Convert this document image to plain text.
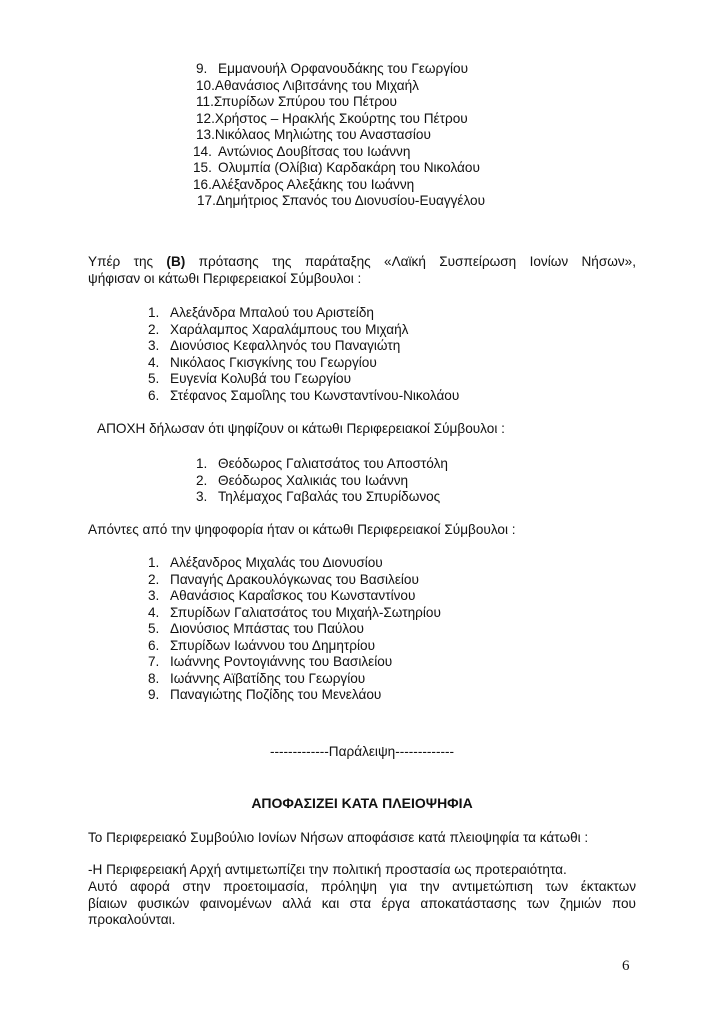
9. Εμμανουήλ Ορφανουδάκης του Γεωργίου
10.Αθανάσιος Λιβιτσάνης του Μιχαήλ
11.Σπυρίδων Σπύρου του Πέτρου
12.Χρήστος – Ηρακλής Σκούρτης του Πέτρου
13.Νικόλαος Μηλιώτης του Αναστασίου
14. Αντώνιος Δουβίτσας του Ιωάννη
15. Ολυμπία (Ολίβια) Καρδακάρη του Νικολάου
16.Αλέξανδρος Αλεξάκης του Ιωάννη
17.Δημήτριος Σπανός του Διονυσίου-Ευαγγέλου
Υπέρ της (Β) πρότασης της παράταξης «Λαϊκή Συσπείρωση Ιονίων Νήσων»,
ψήφισαν οι κάτωθι Περιφερειακοί Σύμβουλοι :
1. Αλεξάνδρα Μπαλού του Αριστείδη
2. Χαράλαμπος Χαραλάμπους του Μιχαήλ
3. Διονύσιος Κεφαλληνός του Παναγιώτη
4. Νικόλαος Γκισγκίνης του Γεωργίου
5. Ευγενία Κολυβά του Γεωργίου
6. Στέφανος Σαμοΐλης του Κωνσταντίνου-Νικολάου
ΑΠΟΧΗ δήλωσαν ότι ψηφίζουν οι κάτωθι Περιφερειακοί Σύμβουλοι :
1. Θεόδωρος Γαλιατσάτος του Αποστόλη
2. Θεόδωρος Χαλικιάς του Ιωάννη
3. Τηλέμαχος Γαβαλάς του Σπυρίδωνος
Απόντες από την ψηφοφορία ήταν οι κάτωθι Περιφερειακοί Σύμβουλοι :
1. Αλέξανδρος Μιχαλάς του Διονυσίου
2. Παναγής Δρακουλόγκωνας του Βασιλείου
3. Αθανάσιος Καραΐσκος του Κωνσταντίνου
4. Σπυρίδων Γαλιατσάτος του Μιχαήλ-Σωτηρίου
5. Διονύσιος Μπάστας του Παύλου
6. Σπυρίδων Ιωάννου του Δημητρίου
7. Ιωάννης Ροντογιάννης του Βασιλείου
8. Ιωάννης Αϊβατίδης του Γεωργίου
9. Παναγιώτης Ποζίδης του Μενελάου
-------------Παράλειψη-------------
ΑΠΟΦΑΣΙΖΕΙ ΚΑΤΑ ΠΛΕΙΟΨΗΦΙΑ
Το Περιφερειακό Συμβούλιο Ιονίων Νήσων αποφάσισε κατά πλειοψηφία τα κάτωθι :
-Η Περιφερειακή Αρχή αντιμετωπίζει την πολιτική προστασία ως προτεραιότητα.
Αυτό αφορά στην προετοιμασία, πρόληψη για την αντιμετώπιση των έκτακτων
βίαιων φυσικών φαινομένων αλλά και στα έργα αποκατάστασης των ζημιών που
προκαλούνται.
6
